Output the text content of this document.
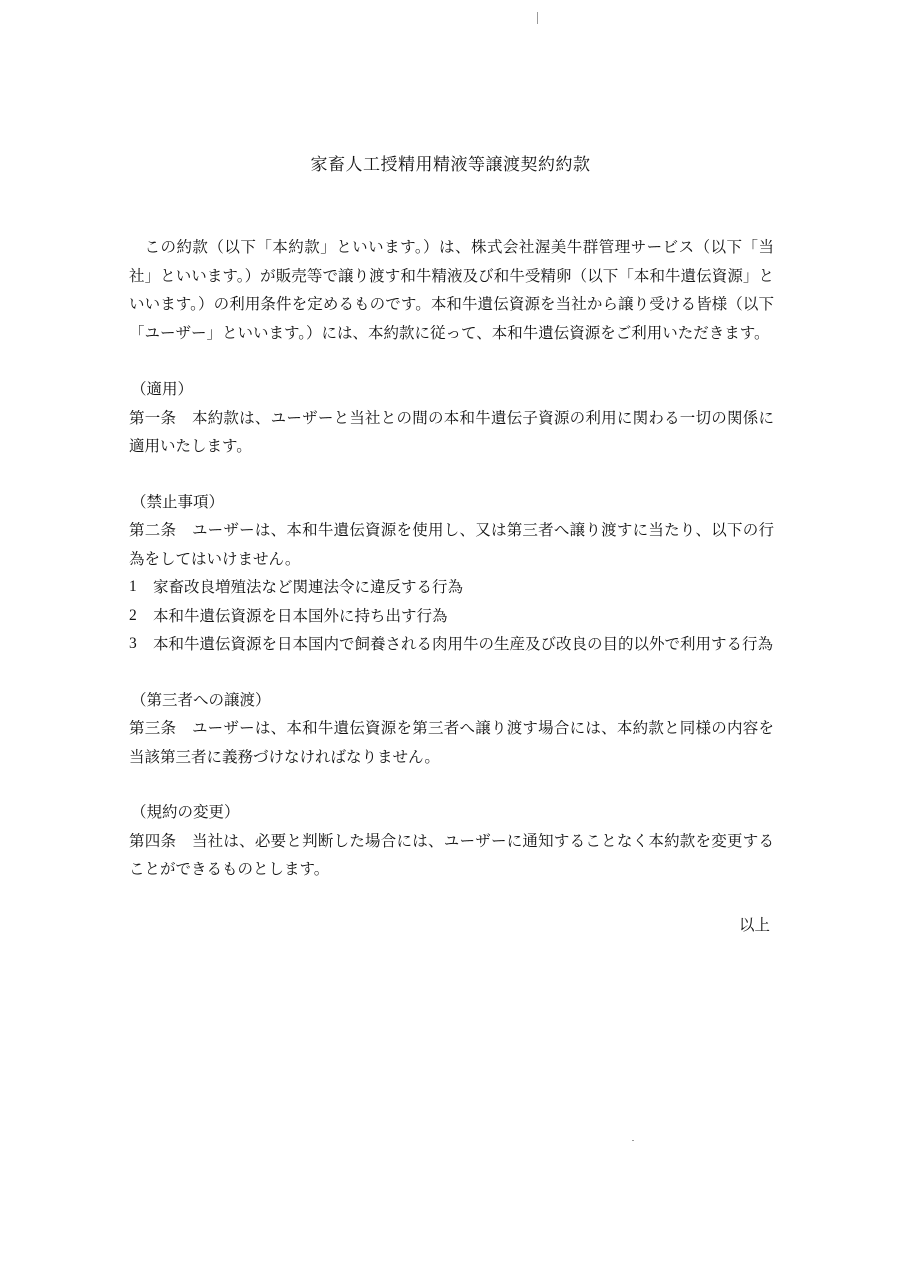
家畜人工授精用精液等譲渡契約約款

この約款（以下「本約款」といいます。）は、株式会社渥美牛群管理サービス（以下「当社」といいます。）が販売等で譲り渡す和牛精液及び和牛受精卵（以下「本和牛遺伝資源」といいます。）の利用条件を定めるものです。本和牛遺伝資源を当社から譲り受ける皆様（以下「ユーザー」といいます。）には、本約款に従って、本和牛遺伝資源をご利用いただきます。

（適用）

第一条　本約款は、ユーザーと当社との間の本和牛遺伝子資源の利用に関わる一切の関係に適用いたします。

（禁止事項）

第二条　ユーザーは、本和牛遺伝資源を使用し、又は第三者へ譲り渡すに当たり、以下の行為をしてはいけません。

1	家畜改良増殖法など関連法令に違反する行為
2	本和牛遺伝資源を日本国外に持ち出す行為
3	本和牛遺伝資源を日本国内で飼養される肉用牛の生産及び改良の目的以外で利用する行為

（第三者への譲渡）

第三条　ユーザーは、本和牛遺伝資源を第三者へ譲り渡す場合には、本約款と同様の内容を当該第三者に義務づけなければなりません。

（規約の変更）

第四条　当社は、必要と判断した場合には、ユーザーに通知することなく本約款を変更することができるものとします。

以上
